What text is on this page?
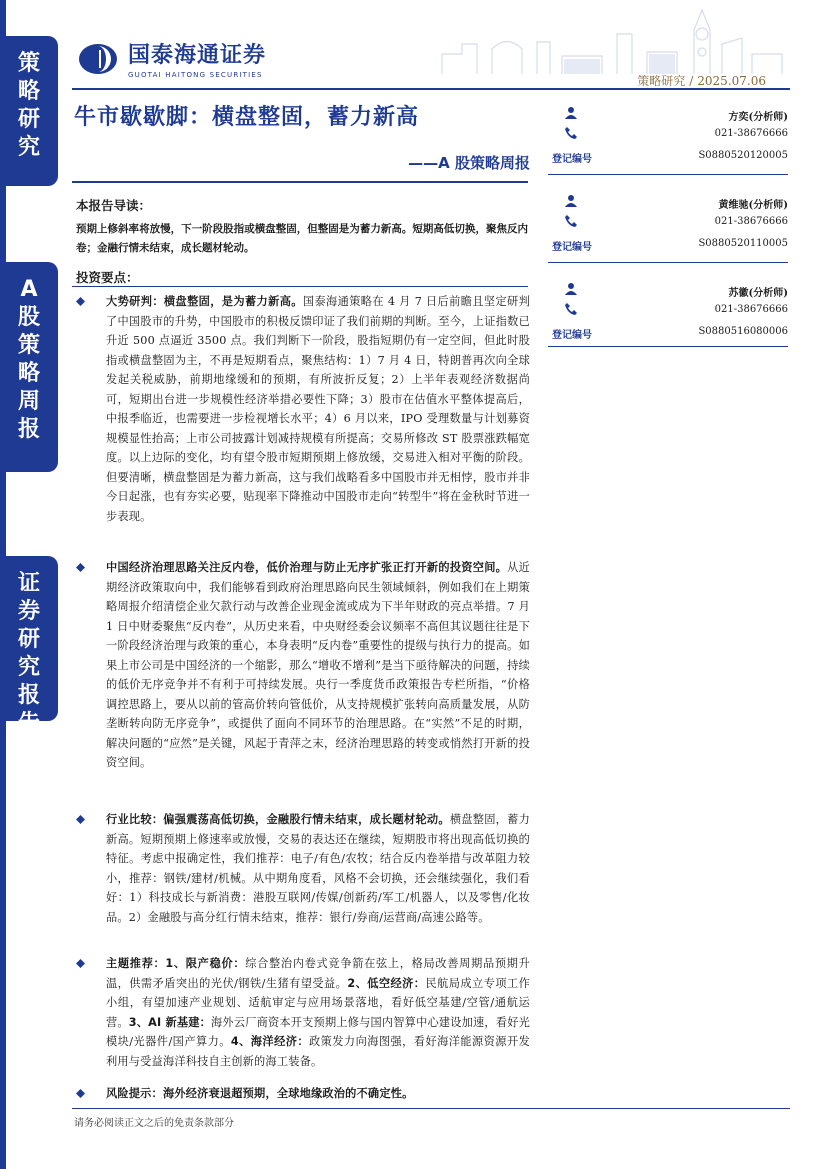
策
略
研
究
A
股
策
略
周
报
证
券
研
究
报
告
国泰海通证券
GUOTAI HAITONG SECURITIES	策略研究 / 2025.07.06
牛市歇歇脚：横盘整固，蓄力新高
——A 股策略周报
方奕(分析师)
021-38676666
登记编号	S0880520120005
黄维驰(分析师)
021-38676666
登记编号	S0880520110005
苏徽(分析师)
021-38676666
登记编号	S0880516080006
本报告导读：
预期上修斜率将放慢，下一阶段股指或横盘整固，但整固是为蓄力新高。短期高低切换，聚焦反内卷；金融行情未结束，成长题材轮动。
投资要点：

大势研判：横盘整固，是为蓄力新高。国泰海通策略在 4 月 7 日后前瞻且坚定研判了中国股市的升势，中国股市的积极反馈印证了我们前期的判断。至今，上证指数已升近 500 点逼近 3500 点。我们判断下一阶段，股指短期仍有一定空间，但此时股指或横盘整固为主，不再是短期看点，聚焦结构：1）7 月 4 日，特朗普再次向全球发起关税威胁，前期地缘缓和的预期，有所波折反复；2）上半年表观经济数据尚可，短期出台进一步规模性经济举措必要性下降；3）股市在估值水平整体提高后，中报季临近，也需要进一步检视增长水平；4）6 月以来，IPO 受理数量与计划募资规模显性抬高；上市公司披露计划减持规模有所提高；交易所修改 ST 股票涨跌幅宽度。以上边际的变化，均有望令股市短期预期上修放缓，交易进入相对平衡的阶段。但要清晰，横盘整固是为蓄力新高，这与我们战略看多中国股市并无相悖，股市并非今日起涨，也有夯实必要，贴现率下降推动中国股市走向“转型牛”将在金秋时节进一步表现。

中国经济治理思路关注反内卷，低价治理与防止无序扩张正打开新的投资空间。从近期经济政策取向中，我们能够看到政府治理思路向民生领域倾斜，例如我们在上期策略周报介绍清偿企业欠款行动与改善企业现金流或成为下半年财政的亮点举措。7 月 1 日中财委聚焦“反内卷”，从历史来看，中央财经委会议频率不高但其议题往往是下一阶段经济治理与政策的重心，本身表明“反内卷”重要性的提级与执行力的提高。如果上市公司是中国经济的一个缩影，那么“增收不增利”是当下亟待解决的问题，持续的低价无序竞争并不有利于可持续发展。央行一季度货币政策报告专栏所指，“价格调控思路上，要从以前的管高价转向管低价，从支持规模扩张转向高质量发展，从防垄断转向防无序竞争”，或提供了面向不同环节的治理思路。在“实然”不足的时期，解决问题的“应然”是关键，风起于青萍之末，经济治理思路的转变或悄然打开新的投资空间。

行业比较：偏强震荡高低切换，金融股行情未结束，成长题材轮动。横盘整固，蓄力新高。短期预期上修速率或放慢，交易的表达还在继续，短期股市将出现高低切换的特征。考虑中报确定性，我们推荐：电子/有色/农牧；结合反内卷举措与改革阻力较小，推荐：钢铁/建材/机械。从中期角度看，风格不会切换，还会继续强化，我们看好：1）科技成长与新消费：港股互联网/传媒/创新药/军工/机器人，以及零售/化妆品。2）金融股与高分红行情未结束，推荐：银行/券商/运营商/高速公路等。

主题推荐：1、限产稳价：综合整治内卷式竞争箭在弦上，格局改善周期品预期升温，供需矛盾突出的光伏/钢铁/生猪有望受益。2、低空经济：民航局成立专项工作小组，有望加速产业规划、适航审定与应用场景落地，看好低空基建/空管/通航运营。3、AI 新基建：海外云厂商资本开支预期上修与国内智算中心建设加速，看好光模块/光器件/国产算力。4、海洋经济：政策发力向海图强，看好海洋能源资源开发利用与受益海洋科技自主创新的海工装备。

风险提示：海外经济衰退超预期，全球地缘政治的不确定性。

请务必阅读正文之后的免责条款部分
